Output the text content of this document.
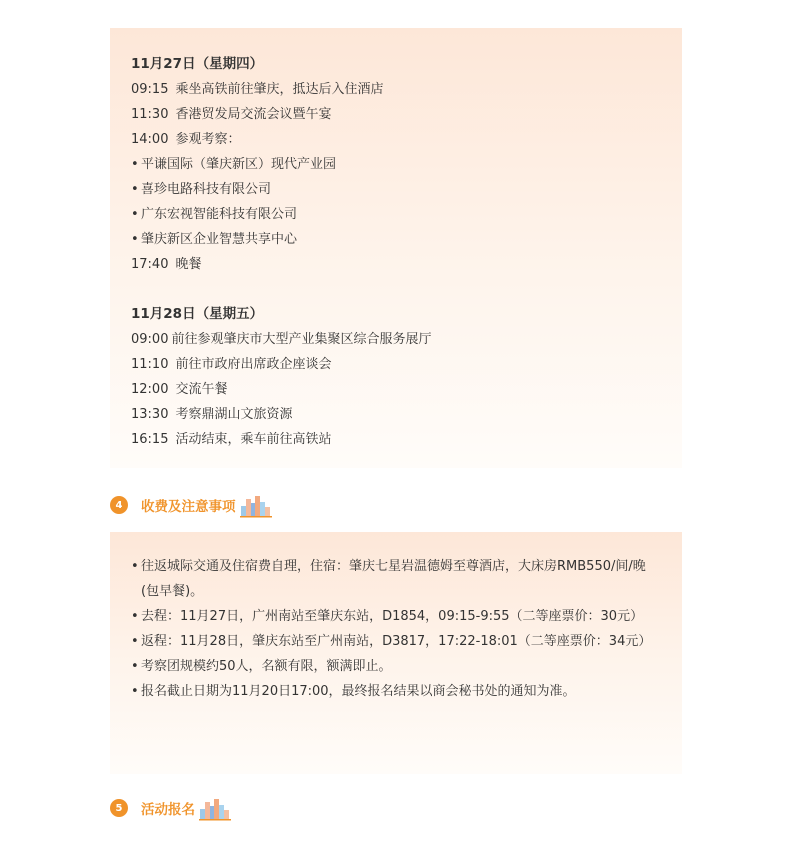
11月27日（星期四）
09:15 乘坐高铁前往肇庆，抵达后入住酒店
11:30 香港贸发局交流会议暨午宴
14:00 参观考察：
• 平谦国际（肇庆新区）现代产业园
• 喜珍电路科技有限公司
• 广东宏视智能科技有限公司
• 肇庆新区企业智慧共享中心
17:40 晚餐
11月28日（星期五）
09:00 前往参观肇庆市大型产业集聚区综合服务展厅
11:10 前往市政府出席政企座谈会
12:00 交流午餐
13:30 考察鼎湖山文旅资源
16:15 活动结束，乘车前往高铁站
4	收费及注意事项
• 往返城际交通及住宿费自理，住宿：肇庆七星岩温德姆至尊酒店，大床房RMB550/间/晚(包早餐)。
• 去程：11月27日，广州南站至肇庆东站，D1854，09:15-9:55（二等座票价：30元）
• 返程：11月28日，肇庆东站至广州南站，D3817，17:22-18:01（二等座票价：34元）
• 考察团规模约50人，名额有限，额满即止。
• 报名截止日期为11月20日17:00，最终报名结果以商会秘书处的通知为准。
5	活动报名
